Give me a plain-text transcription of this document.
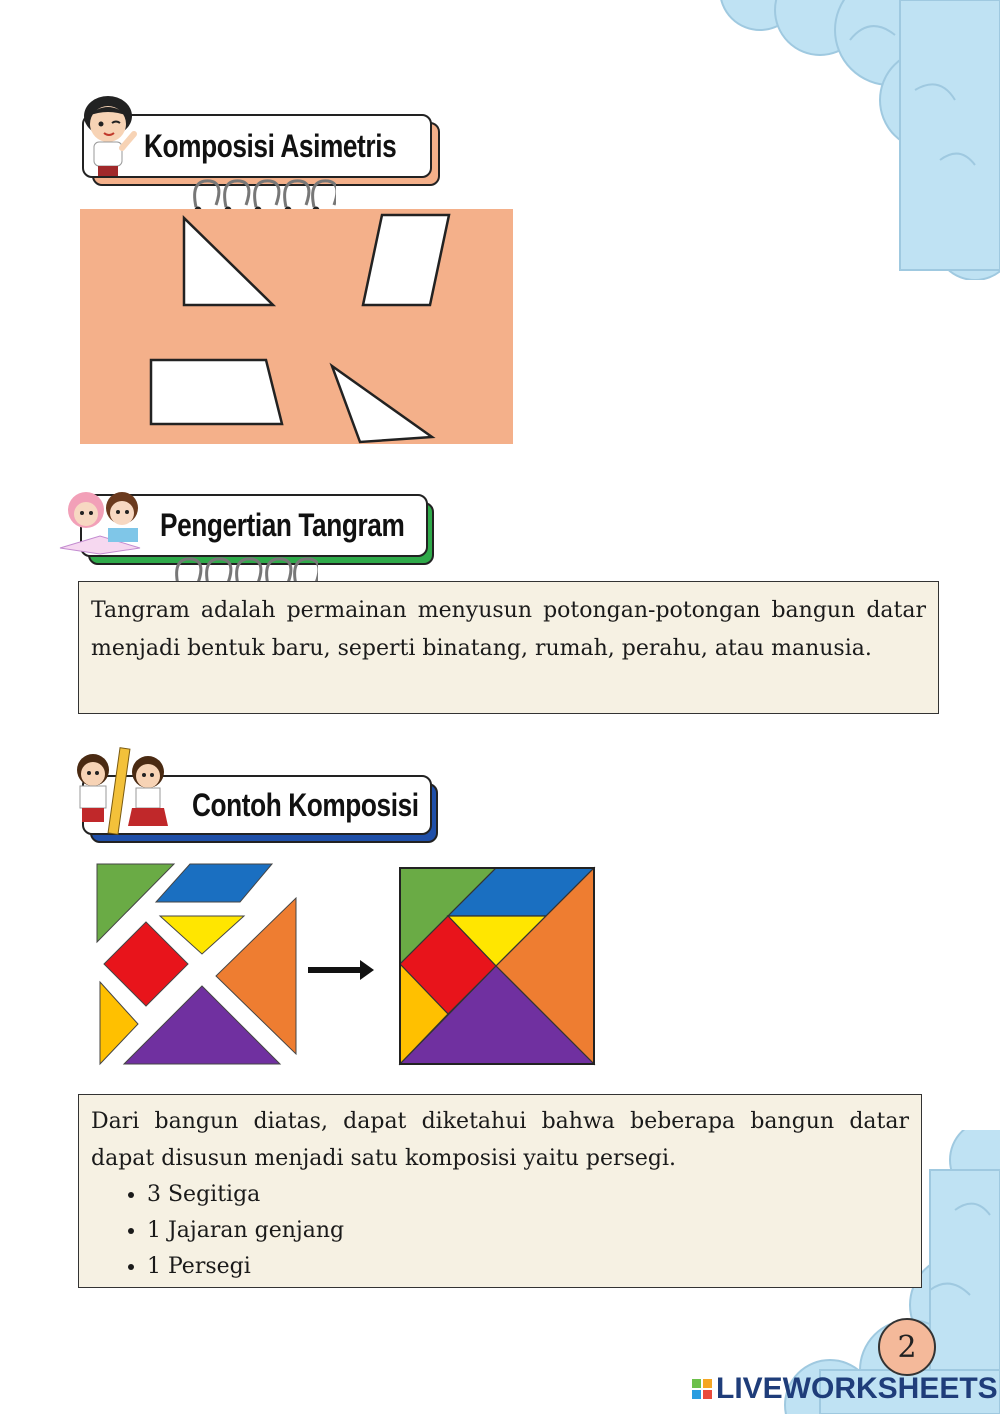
Komposisi Asimetris
Pengertian Tangram
Tangram adalah permainan menyusun potongan-potongan bangun datar menjadi bentuk baru, seperti binatang, rumah, perahu, atau manusia.
Contoh Komposisi
Dari bangun diatas, dapat diketahui bahwa beberapa bangun datar dapat disusun menjadi satu komposisi yaitu persegi.
• 3 Segitiga
• 1 Jajaran genjang
• 1 Persegi
2
LIVEWORKSHEETS
